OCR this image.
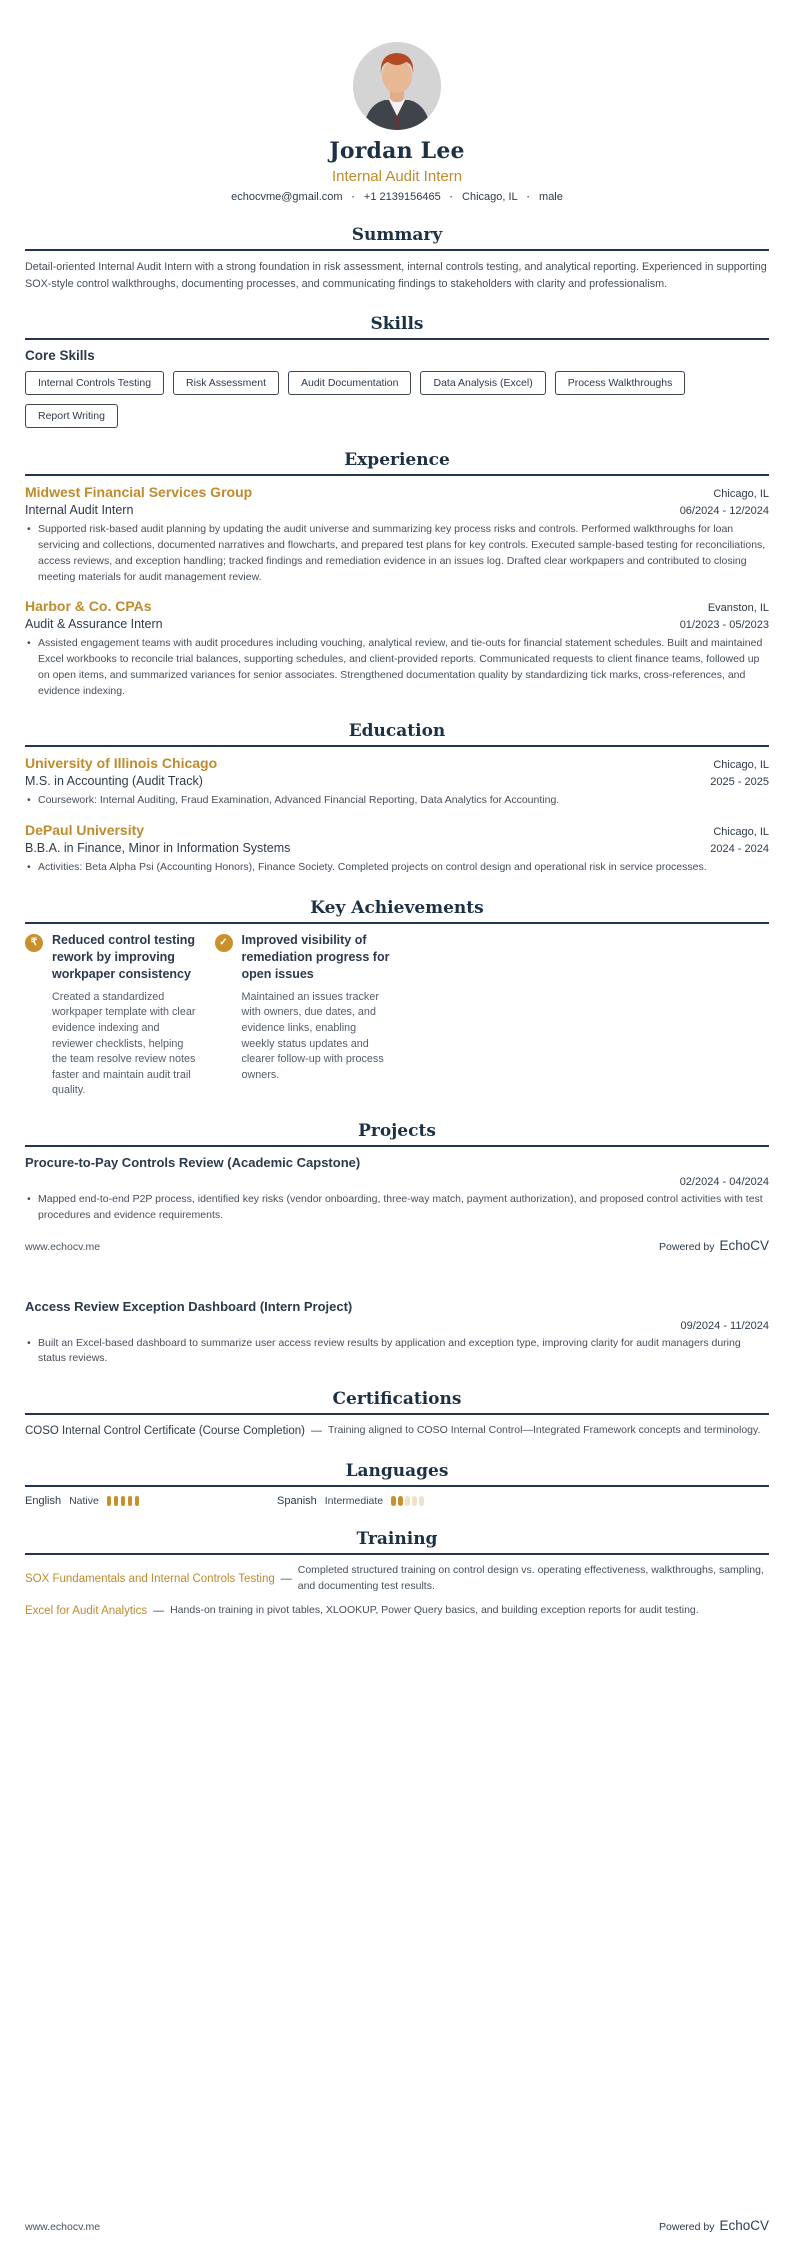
Jordan Lee
Internal Audit Intern
echocvme@gmail.com · +1 2139156465 · Chicago, IL · male
Summary

Detail-oriented Internal Audit Intern with a strong foundation in risk assessment, internal controls testing, and analytical reporting. Experienced in supporting SOX-style control walkthroughs, documenting processes, and communicating findings to stakeholders with clarity and professionalism.

Skills
Core Skills
Internal Controls Testing	Risk Assessment	Audit Documentation	Data Analysis (Excel)	Process Walkthroughs
Report Writing
Experience
Midwest Financial Services Group	Chicago, IL
Internal Audit Intern	06/2024 - 12/2024
• Supported risk-based audit planning by updating the audit universe and summarizing key process risks and controls. Performed walkthroughs for loan servicing and collections, documented narratives and flowcharts, and prepared test plans for key controls. Executed sample-based testing for reconciliations, access reviews, and exception handling; tracked findings and remediation evidence in an issues log. Drafted clear workpapers and contributed to closing meeting materials for audit management review.
Harbor & Co. CPAs	Evanston, IL
Audit & Assurance Intern	01/2023 - 05/2023
• Assisted engagement teams with audit procedures including vouching, analytical review, and tie-outs for financial statement schedules. Built and maintained Excel workbooks to reconcile trial balances, supporting schedules, and client-provided reports. Communicated requests to client finance teams, followed up on open items, and summarized variances for senior associates. Strengthened documentation quality by standardizing tick marks, cross-references, and evidence indexing.
Education
University of Illinois Chicago	Chicago, IL
M.S. in Accounting (Audit Track)	2025 - 2025
• Coursework: Internal Auditing, Fraud Examination, Advanced Financial Reporting, Data Analytics for Accounting.
DePaul University	Chicago, IL
B.B.A. in Finance, Minor in Information Systems	2024 - 2024
• Activities: Beta Alpha Psi (Accounting Honors), Finance Society. Completed projects on control design and operational risk in service processes.
Key Achievements
₹	Reduced control testing rework by improving workpaper consistency
Created a standardized workpaper template with clear evidence indexing and reviewer checklists, helping the team resolve review notes faster and maintain audit trail quality.
✓	Improved visibility of remediation progress for open issues
Maintained an issues tracker with owners, due dates, and evidence links, enabling weekly status updates and clearer follow-up with process owners.
Projects
Procure-to-Pay Controls Review (Academic Capstone)
02/2024 - 04/2024
• Mapped end-to-end P2P process, identified key risks (vendor onboarding, three-way match, payment authorization), and proposed control activities with test procedures and evidence requirements.
www.echocv.me	Powered by EchoCV
Access Review Exception Dashboard (Intern Project)
09/2024 - 11/2024
• Built an Excel-based dashboard to summarize user access review results by application and exception type, improving clarity for audit managers during status reviews.
Certifications
COSO Internal Control Certificate (Course Completion) — Training aligned to COSO Internal Control—Integrated Framework concepts and terminology.
Languages
English Native	Spanish Intermediate
Training
SOX Fundamentals and Internal Controls Testing —
Completed structured training on control design vs. operating effectiveness, walkthroughs, sampling, and documenting test results.
Excel for Audit Analytics — Hands-on training in pivot tables, XLOOKUP, Power Query basics, and building exception reports for audit testing.
www.echocv.me	Powered by EchoCV
